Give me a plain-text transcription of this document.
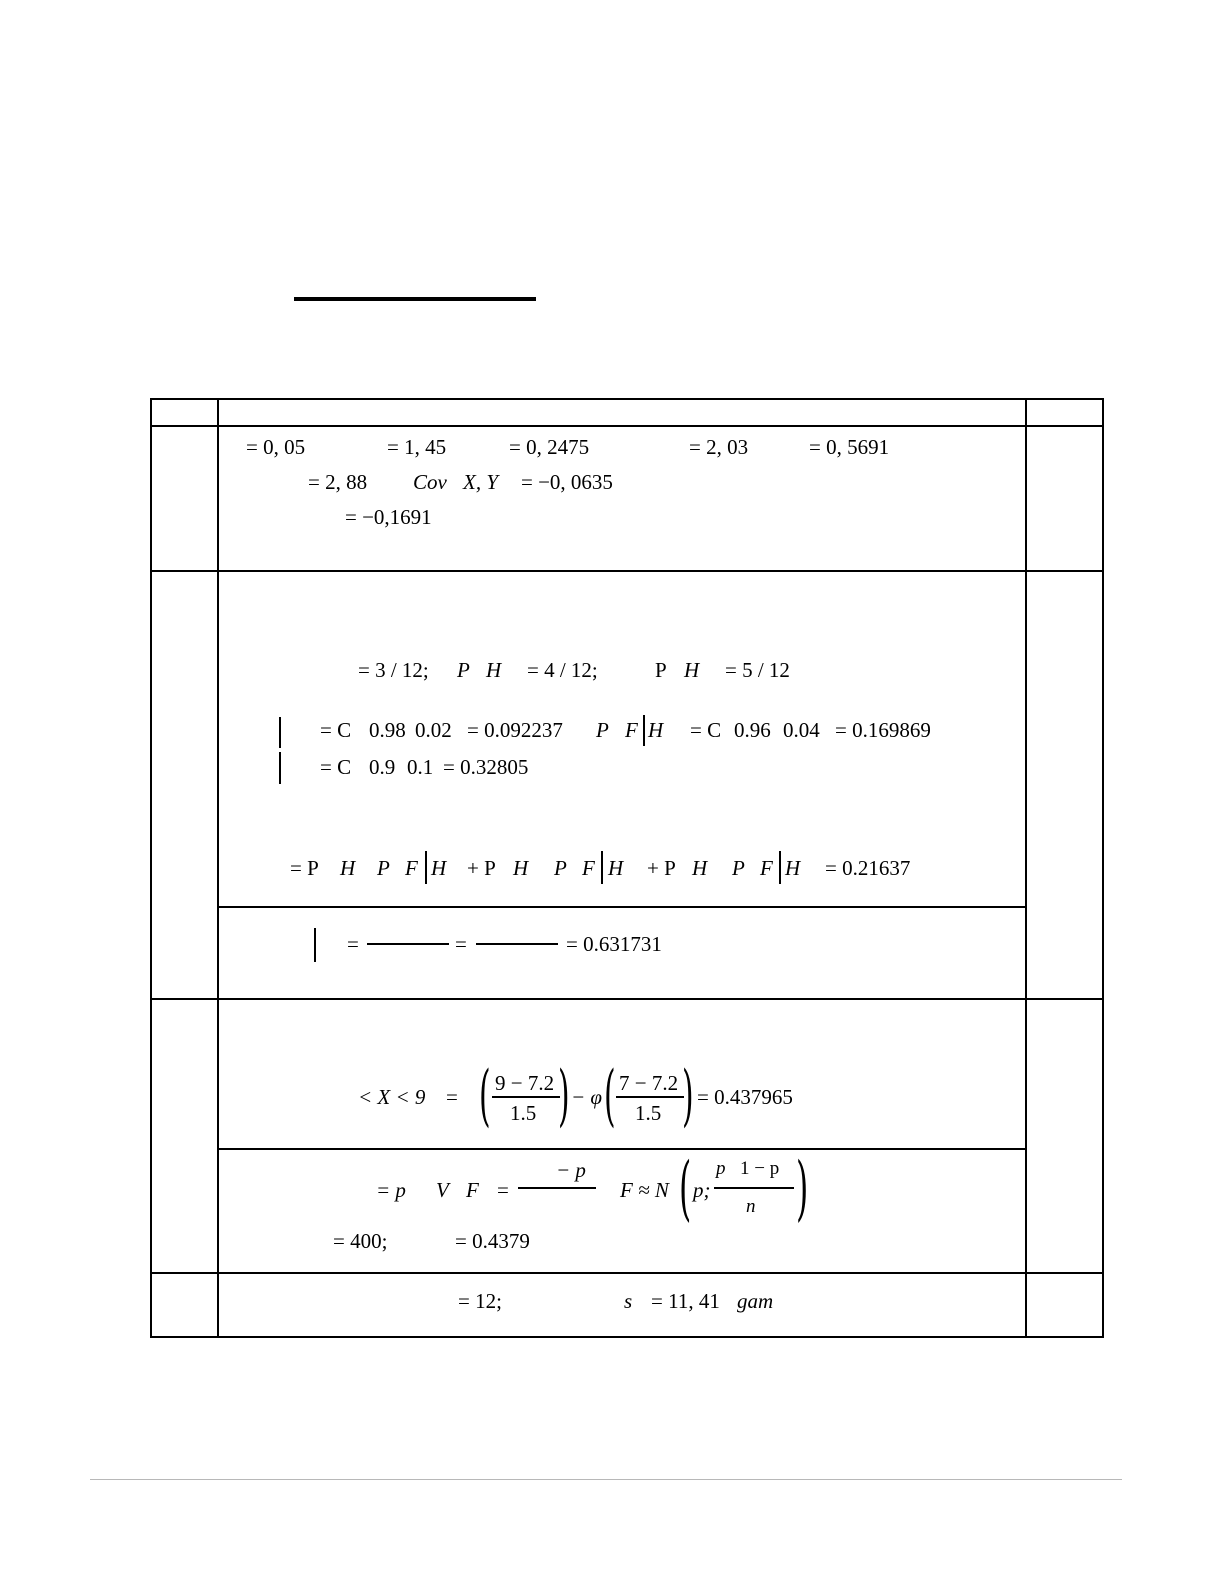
= 0, 05	= 1, 45	= 0, 2475	= 2, 03	= 0, 5691
= 2, 88 Cov X, Y = −0, 0635
= −0,1691
= 3 / 12; P H = 4 / 12;	P H = 5 / 12
= C 0.98 0.02 = 0.092237 P F H = C 0.96 0.04 = 0.169869
= C 0.9 0.1 = 0.32805
= P H P F H + P H P F H + P H P F H = 0.21637
=	=	= 0.631731
< X < 9 = ( 9 − 7.2
1.5 ) − φ ( 7 − 7.2
1.5 ) = 0.437965
= p V F =
− p
F ≈ N ( p;
p 1 − p
n )
= 400;	= 0.4379
= 12;	s = 11, 41 gam
